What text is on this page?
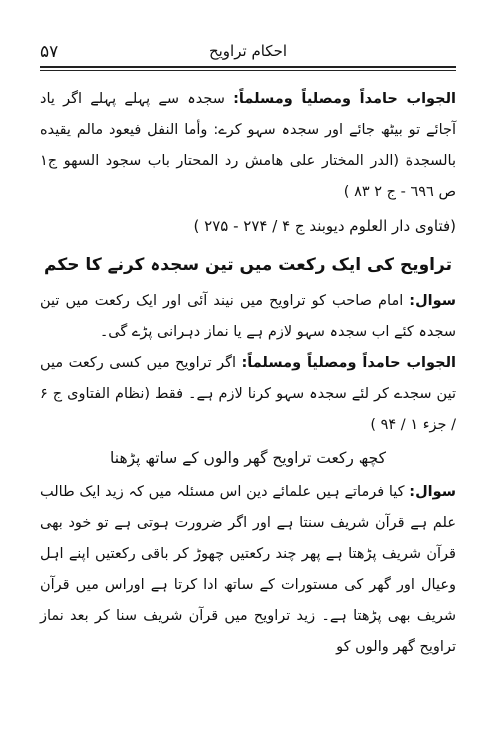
۵۷	احکام تراویح

الجواب حامداً ومصلیاً ومسلماً: سجدہ سے پہلے پہلے اگر یاد آجائے تو بیٹھ جائے اور سجدہ سہو کرے: وأما النفل فيعود مالم يقيده بالسجدة (الدر المختار على هامش رد المحتار باب سجود السهو ج١ ص ٦٩٦ - ج ٢ ٨٣ )

(فتاوی دار العلوم دیوبند ج ۴ / ۲۷۴ - ۲۷۵ )

تراویح کی ایک رکعت میں تین سجدہ کرنے کا حکم

سوال: امام صاحب کو تراویح میں نیند آئی اور ایک رکعت میں تین سجدہ کئے اب سجدہ سہو لازم ہے یا نماز دہرانی پڑے گی۔

الجواب حامداً ومصلیاً ومسلماً: اگر تراویح میں کسی رکعت میں تین سجدے کر لئے سجدہ سہو کرنا لازم ہے۔ فقط (نظام الفتاوی ج ۶ / جزء ۱ / ۹۴ )

کچھ رکعت تراویح گھر والوں کے ساتھ پڑھنا

سوال: کیا فرماتے ہیں علمائے دین اس مسئلہ میں کہ زید ایک طالب علم ہے قرآن شریف سنتا ہے اور اگر ضرورت ہوتی ہے تو خود بھی قرآن شریف پڑھتا ہے پھر چند رکعتیں چھوڑ کر باقی رکعتیں اپنے اہل وعیال اور گھر کی مستورات کے ساتھ ادا کرتا ہے اوراس میں قرآن شریف بھی پڑھتا ہے۔ زید تراویح میں قرآن شریف سنا کر بعد نماز تراویح گھر والوں کو
